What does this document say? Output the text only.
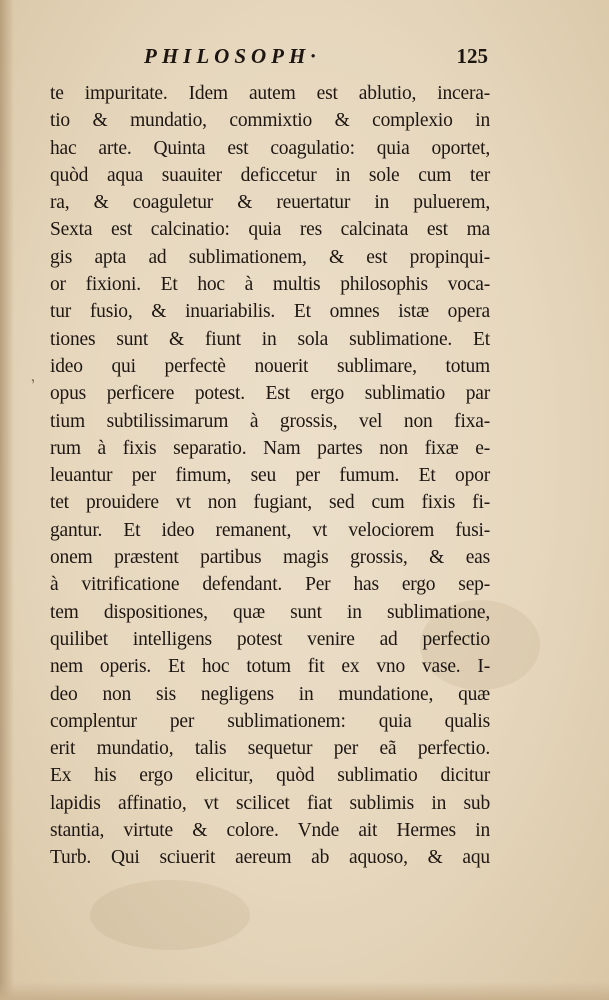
PHILOSOPH·	125
,
te impuritate. Idem autem est ablutio, incera-
tio & mundatio, commixtio & complexio in
hac arte. Quinta est coagulatio: quia oportet,
quòd aqua suauiter deficcetur in sole cum ter
ra, & coaguletur & reuertatur in puluerem,
Sexta est calcinatio: quia res calcinata est ma
gis apta ad sublimationem, & est propinqui-
or fixioni. Et hoc à multis philosophis voca-
tur fusio, & inuariabilis. Et omnes istæ opera
tiones sunt & fiunt in sola sublimatione. Et
ideo qui perfectè nouerit sublimare, totum
opus perficere potest. Est ergo sublimatio par
tium subtilissimarum à grossis, vel non fixa-
rum à fixis separatio. Nam partes non fixæ e-
leuantur per fimum, seu per fumum. Et opor
tet prouidere vt non fugiant, sed cum fixis fi-
gantur. Et ideo remanent, vt velociorem fusi-
onem præstent partibus magis grossis, & eas
à vitrificatione defendant. Per has ergo sep-
tem dispositiones, quæ sunt in sublimatione,
quilibet intelligens potest venire ad perfectio
nem operis. Et hoc totum fit ex vno vase. I-
deo non sis negligens in mundatione, quæ
complentur per sublimationem: quia qualis
erit mundatio, talis sequetur per eã perfectio.
Ex his ergo elicitur, quòd sublimatio dicitur
lapidis affinatio, vt scilicet fiat sublimis in sub
stantia, virtute & colore. Vnde ait Hermes in
Turb. Qui sciuerit aereum ab aquoso, & aqu
